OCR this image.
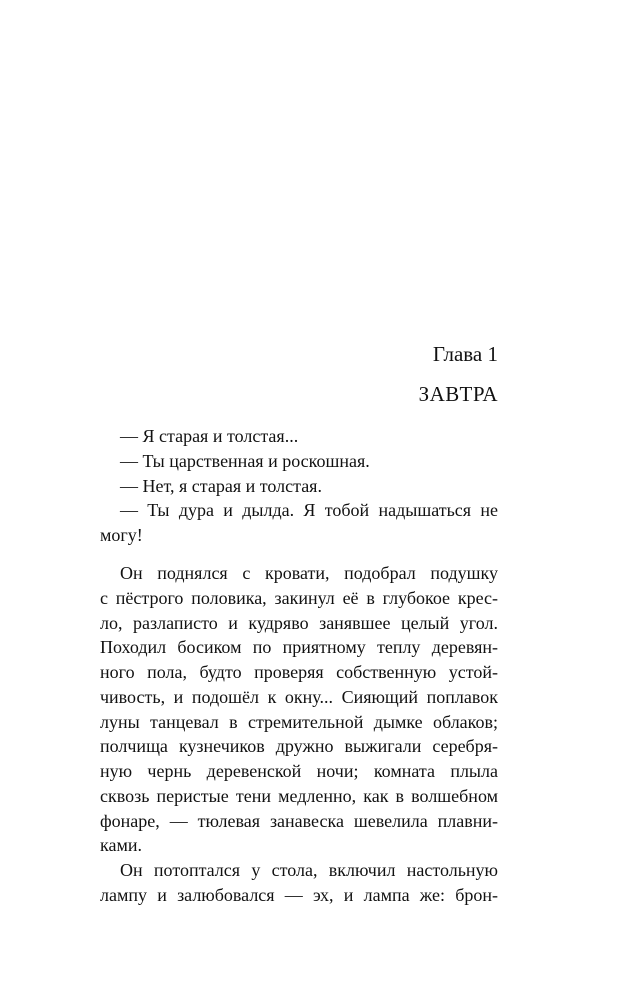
Глава 1
ЗАВТРА
— Я старая и толстая...
— Ты царственная и роскошная.
— Нет, я старая и толстая.
— Ты дура и дылда. Я тобой надышаться не
могу!
Он поднялся с кровати, подобрал подушку
с пёстрого половика, закинул её в глубокое крес-
ло, разлаписто и кудряво занявшее целый угол.
Походил босиком по приятному теплу деревян-
ного пола, будто проверяя собственную устой-
чивость, и подошёл к окну... Сияющий поплавок
луны танцевал в стремительной дымке облаков;
полчища кузнечиков дружно выжигали серебря-
ную чернь деревенской ночи; комната плыла
сквозь перистые тени медленно, как в волшебном
фонаре, — тюлевая занавеска шевелила плавни-
ками.
Он потоптался у стола, включил настольную
лампу и залюбовался — эх, и лампа же: брон-
